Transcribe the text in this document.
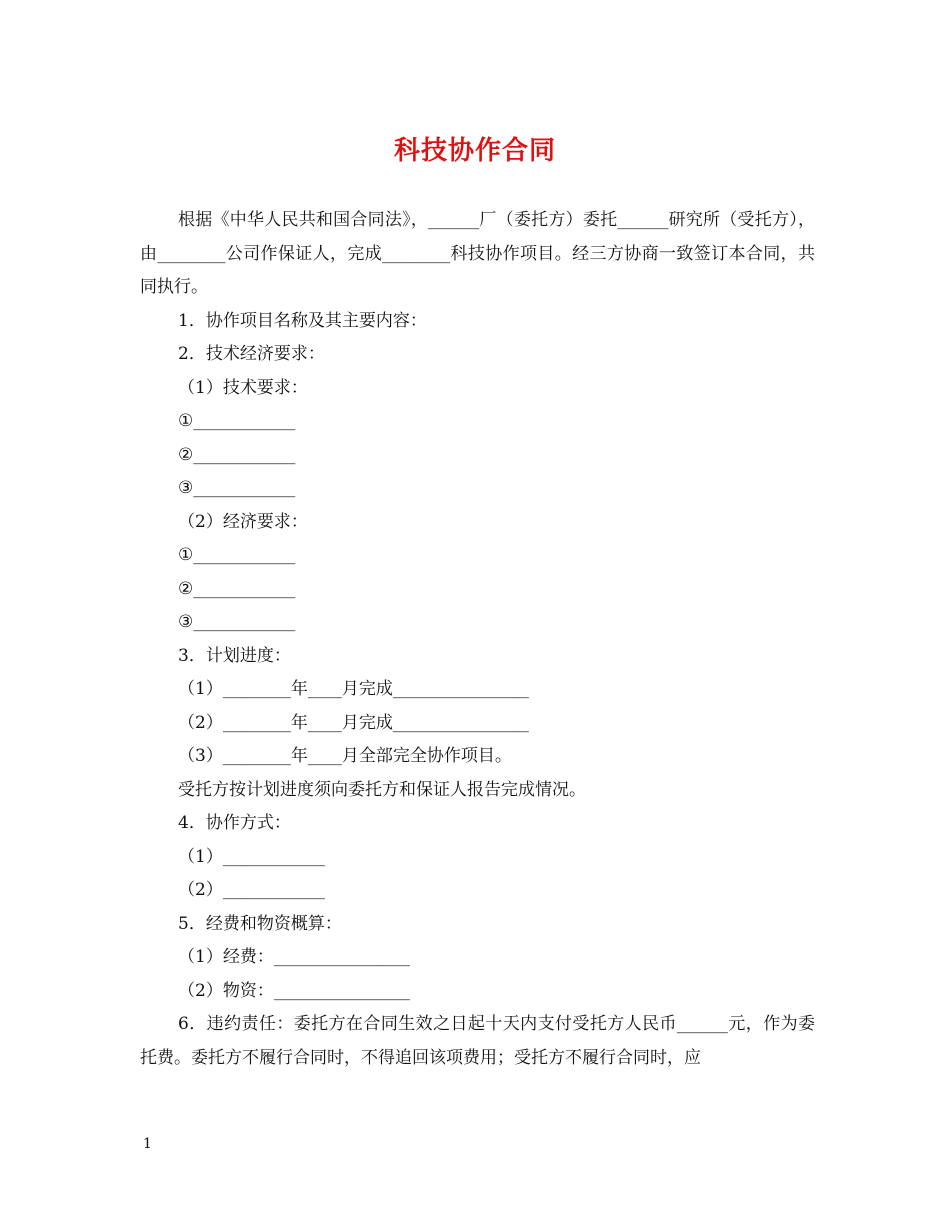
科技协作合同

根据《中华人民共和国合同法》，______厂（委托方）委托______研究所（受托方），由________公司作保证人，完成________科技协作项目。经三方协商一致签订本合同，共同执行。

1．协作项目名称及其主要内容：

2．技术经济要求：

（1）技术要求：

①____________

②____________

③____________

（2）经济要求：

①____________

②____________

③____________

3．计划进度：

（1）________年____月完成________________

（2）________年____月完成________________

（3）________年____月全部完全协作项目。

受托方按计划进度须向委托方和保证人报告完成情况。

4．协作方式：

（1）____________

（2）____________

5．经费和物资概算：

（1）经费：________________

（2）物资：________________

6．违约责任：委托方在合同生效之日起十天内支付受托方人民币______元，作为委托费。委托方不履行合同时，不得追回该项费用；受托方不履行合同时，应

1
